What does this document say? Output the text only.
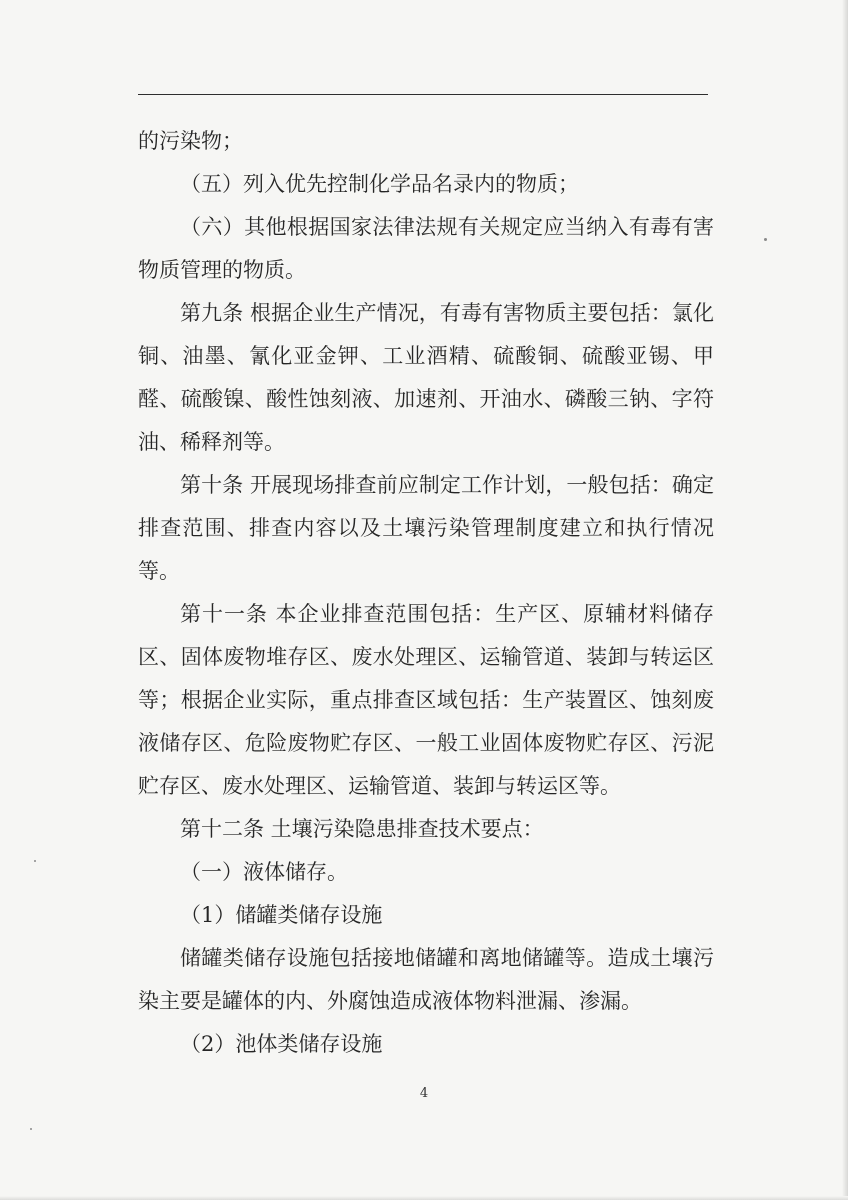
的污染物；

（五）列入优先控制化学品名录内的物质；

（六）其他根据国家法律法规有关规定应当纳入有毒有害物质管理的物质。

第九条 根据企业生产情况，有毒有害物质主要包括：氯化铜、油墨、氰化亚金钾、工业酒精、硫酸铜、硫酸亚锡、甲醛、硫酸镍、酸性蚀刻液、加速剂、开油水、磷酸三钠、字符油、稀释剂等。

第十条 开展现场排查前应制定工作计划，一般包括：确定排查范围、排查内容以及土壤污染管理制度建立和执行情况等。

第十一条 本企业排查范围包括：生产区、原辅材料储存区、固体废物堆存区、废水处理区、运输管道、装卸与转运区等；根据企业实际，重点排查区域包括：生产装置区、蚀刻废液储存区、危险废物贮存区、一般工业固体废物贮存区、污泥贮存区、废水处理区、运输管道、装卸与转运区等。

第十二条 土壤污染隐患排查技术要点：

（一）液体储存。

（1）储罐类储存设施

储罐类储存设施包括接地储罐和离地储罐等。造成土壤污染主要是罐体的内、外腐蚀造成液体物料泄漏、渗漏。

（2）池体类储存设施

4
